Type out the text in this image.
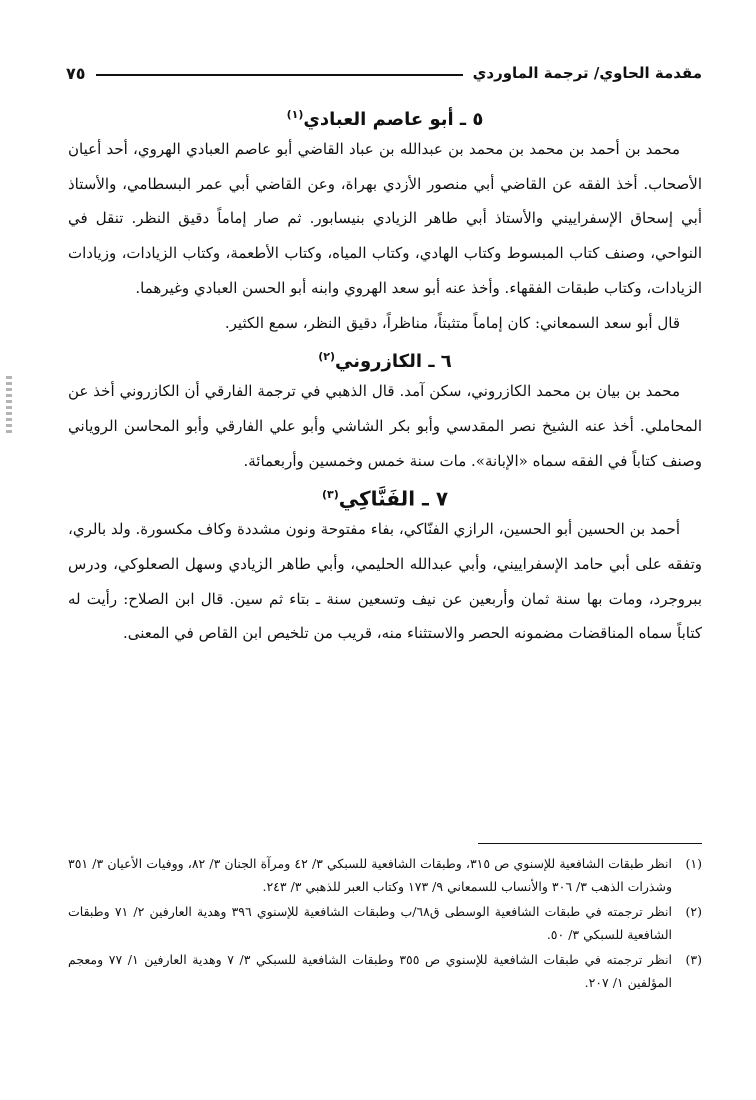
مقدمة الحاوي/ ترجمة الماوردي
٧٥
٥ ـ أبو عاصم العبادي$^{(١)}$

محمد بن أحمد بن محمد بن محمد بن عبدالله بن عباد القاضي أبو عاصم العبادي الهروي، أحد أعيان الأصحاب. أخذ الفقه عن القاضي أبي منصور الأزدي بهراة، وعن القاضي أبي عمر البسطامي، والأستاذ أبي إسحاق الإسفراييني والأستاذ أبي طاهر الزيادي بنيسابور. ثم صار إماماً دقيق النظر. تنقل في النواحي، وصنف كتاب المبسوط وكتاب الهادي، وكتاب المياه، وكتاب الأطعمة، وكتاب الزيادات، وزيادات الزيادات، وكتاب طبقات الفقهاء. وأخذ عنه أبو سعد الهروي وابنه أبو الحسن العبادي وغيرهما.

قال أبو سعد السمعاني: كان إماماً متثبتاً، مناظراً، دقيق النظر، سمع الكثير.

٦ ـ الكازروني$^{(٢)}$

محمد بن بيان بن محمد الكازروني، سكن آمد. قال الذهبي في ترجمة الفارقي أن الكازروني أخذ عن المحاملي. أخذ عنه الشيخ نصر المقدسي وأبو بكر الشاشي وأبو علي الفارقي وأبو المحاسن الروياني وصنف كتاباً في الفقه سماه «الإبانة». مات سنة خمس وخمسين وأربعمائة.

٧ ـ الفَنَّاكِي$^{(٣)}$

أحمد بن الحسين أبو الحسين، الرازي الفنّاكي، بفاء مفتوحة ونون مشددة وكاف مكسورة. ولد بالري، وتفقه على أبي حامد الإسفراييني، وأبي عبدالله الحليمي، وأبي طاهر الزيادي وسهل الصعلوكي، ودرس ببروجرد، ومات بها سنة ثمان وأربعين عن نيف وتسعين سنة ـ بتاء ثم سين. قال ابن الصلاح: رأيت له كتاباً سماه المناقضات مضمونه الحصر والاستثناء منه، قريب من تلخيص ابن القاص في المعنى.

(١)
انظر طبقات الشافعية للإسنوي ص ٣١٥، وطبقات الشافعية للسبكي ٣/ ٤٢ ومرآة الجنان ٣/ ٨٢، ووفيات الأعيان ٣/ ٣٥١ وشذرات الذهب ٣/ ٣٠٦ والأنساب للسمعاني ٩/ ١٧٣ وكتاب العبر للذهبي ٣/ ٢٤٣.
(٢)
انظر ترجمته في طبقات الشافعية الوسطى ق٦٨/ب وطبقات الشافعية للإسنوي ٣٩٦ وهدية العارفين ٢/ ٧١ وطبقات الشافعية للسبكي ٣/ ٥٠.
(٣)
انظر ترجمته في طبقات الشافعية للإسنوي ص ٣٥٥ وطبقات الشافعية للسبكي ٣/ ٧ وهدية العارفين ١/ ٧٧ ومعجم المؤلفين ١/ ٢٠٧.
